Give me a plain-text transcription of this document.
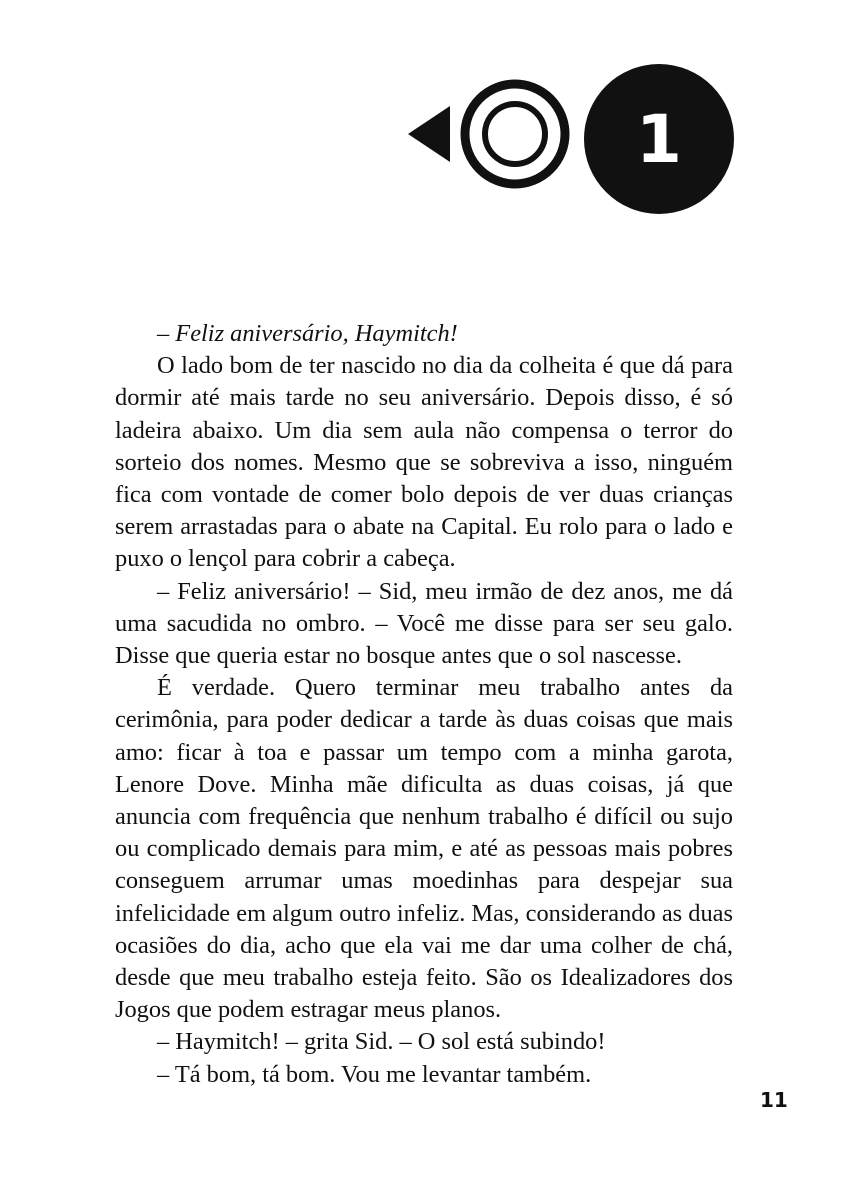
1

– Feliz aniversário, Haymitch!

O lado bom de ter nascido no dia da colheita é que dá para dormir até mais tarde no seu aniversário. Depois disso, é só ladeira abaixo. Um dia sem aula não compensa o terror do sorteio dos nomes. Mesmo que se sobreviva a isso, ninguém fica com vontade de comer bolo depois de ver duas crianças serem arrastadas para o abate na Capital. Eu rolo para o lado e puxo o lençol para cobrir a cabeça.

– Feliz aniversário! – Sid, meu irmão de dez anos, me dá uma sacudida no ombro. – Você me disse para ser seu galo. Disse que queria estar no bosque antes que o sol nascesse.

É verdade. Quero terminar meu trabalho antes da cerimônia, para poder dedicar a tarde às duas coisas que mais amo: ficar à toa e passar um tempo com a minha garota, Lenore Dove. Minha mãe dificulta as duas coisas, já que anuncia com frequência que nenhum trabalho é difícil ou sujo ou complicado demais para mim, e até as pessoas mais pobres conseguem arrumar umas moedinhas para despejar sua infelicidade em algum outro infeliz. Mas, considerando as duas ocasiões do dia, acho que ela vai me dar uma colher de chá, desde que meu trabalho esteja feito. São os Idealizadores dos Jogos que podem estragar meus planos.

– Haymitch! – grita Sid. – O sol está subindo!

– Tá bom, tá bom. Vou me levantar também.

11
